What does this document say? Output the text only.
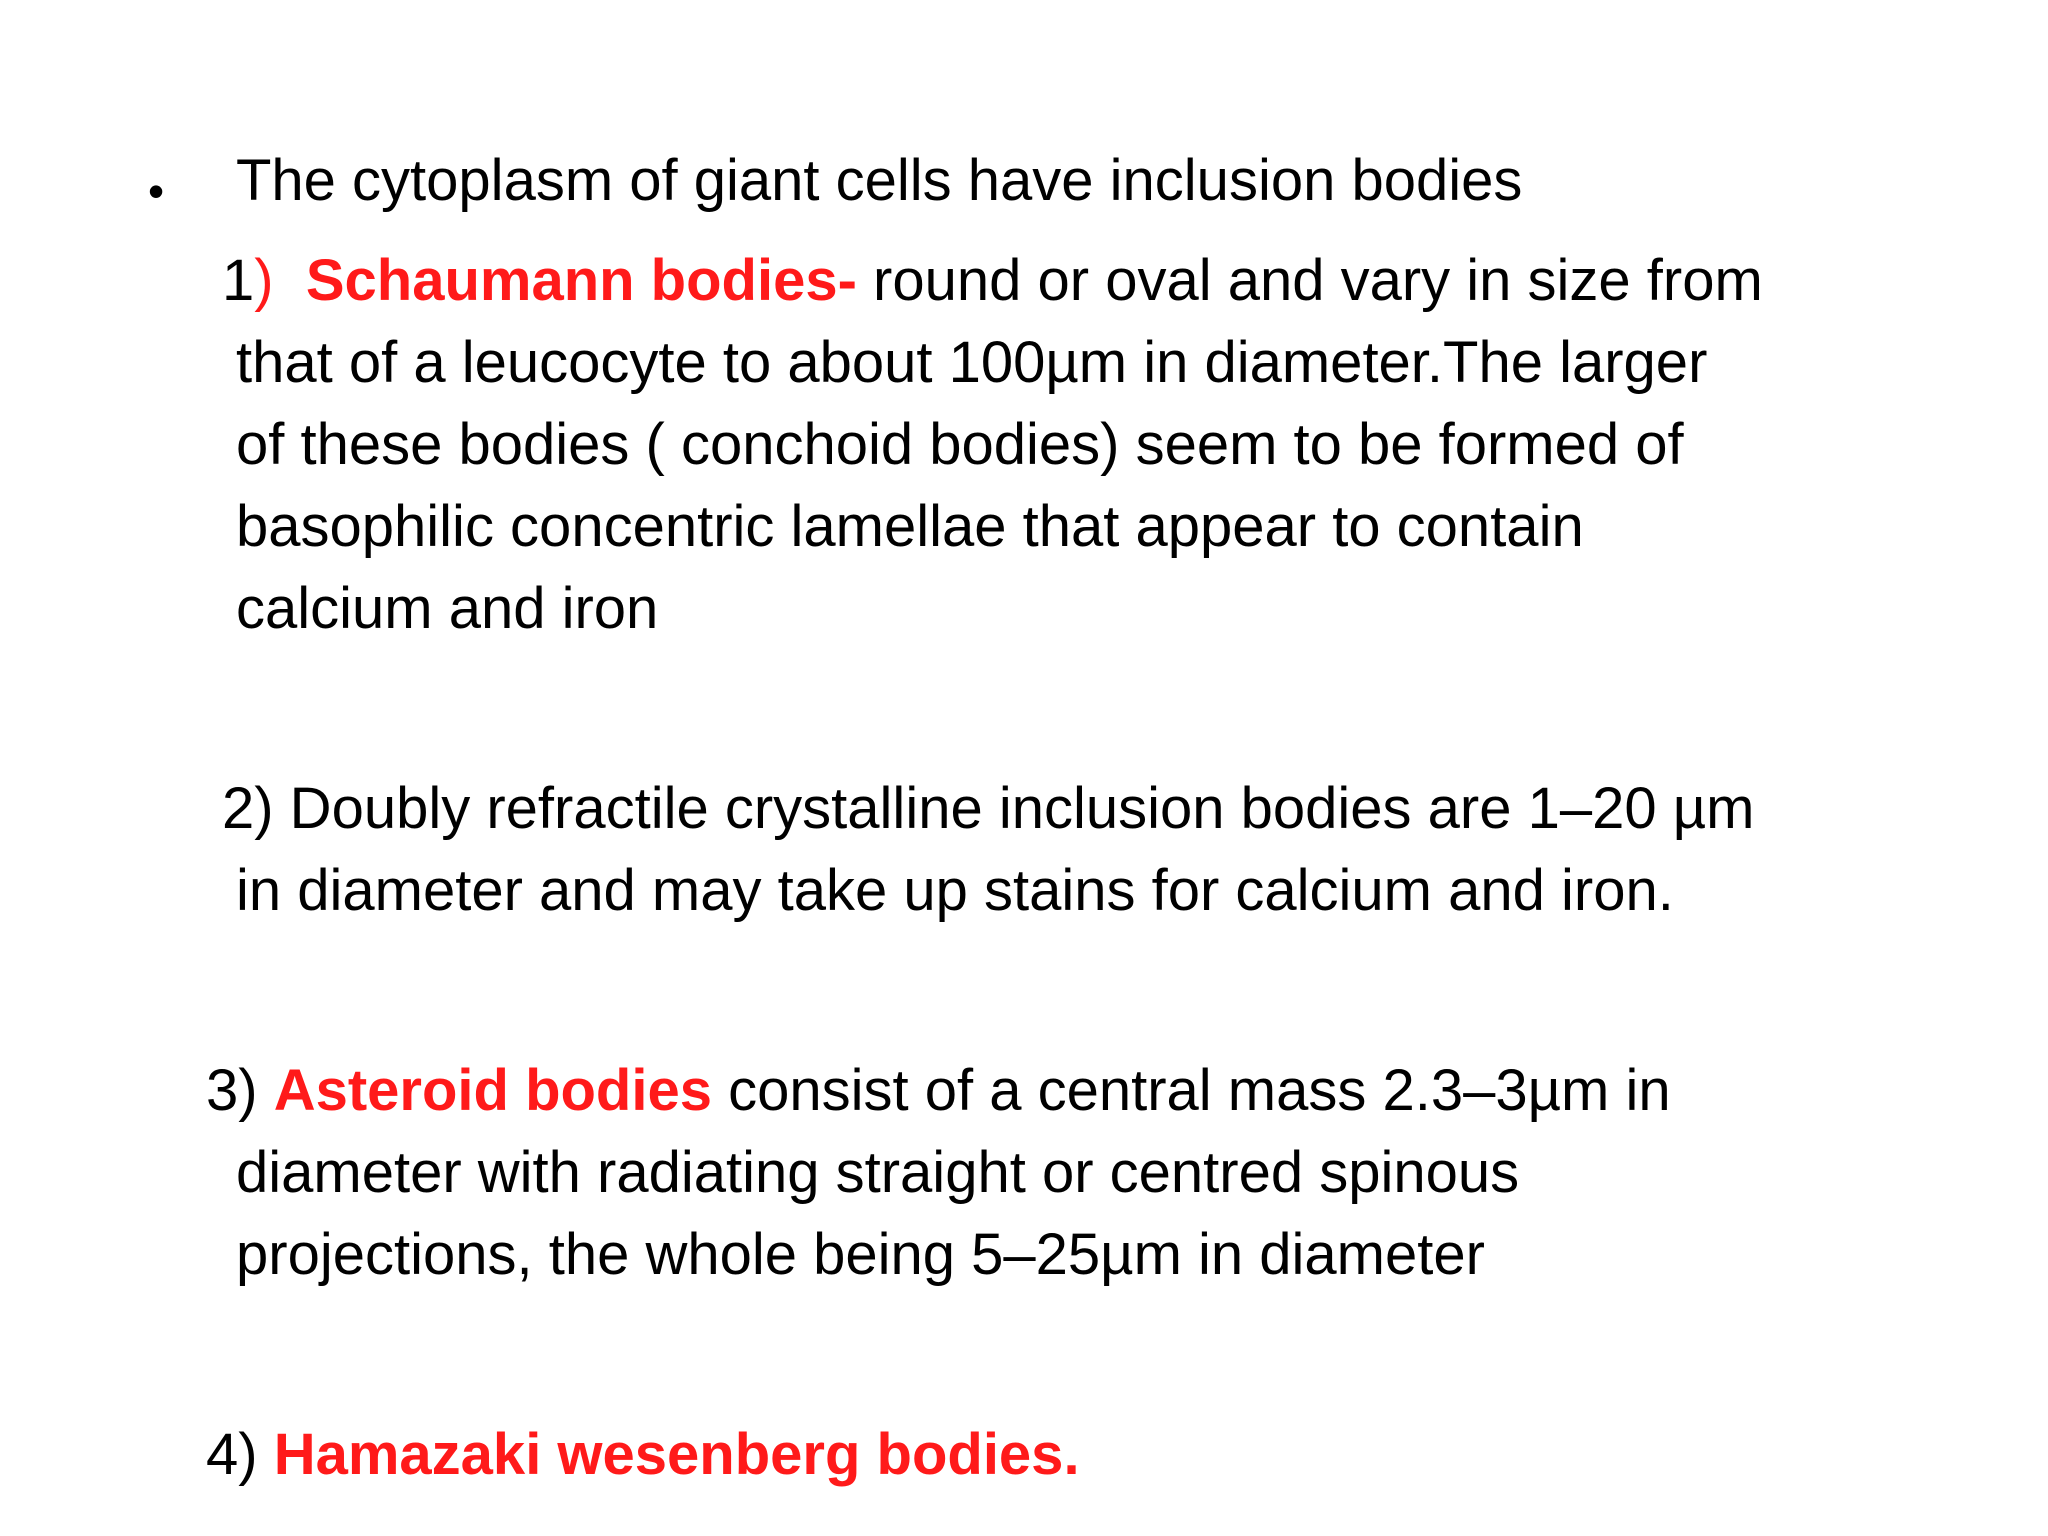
• The cytoplasm of giant cells have inclusion bodies
1) Schaumann bodies- round or oval and vary in size from
that of a leucocyte to about 100µm in diameter.The larger
of these bodies ( conchoid bodies) seem to be formed of
basophilic concentric lamellae that appear to contain
calcium and iron
2) Doubly refractile crystalline inclusion bodies are 1–20 µm
in diameter and may take up stains for calcium and iron.
3) Asteroid bodies consist of a central mass 2.3–3µm in
diameter with radiating straight or centred spinous
projections, the whole being 5–25µm in diameter
4) Hamazaki wesenberg bodies.
